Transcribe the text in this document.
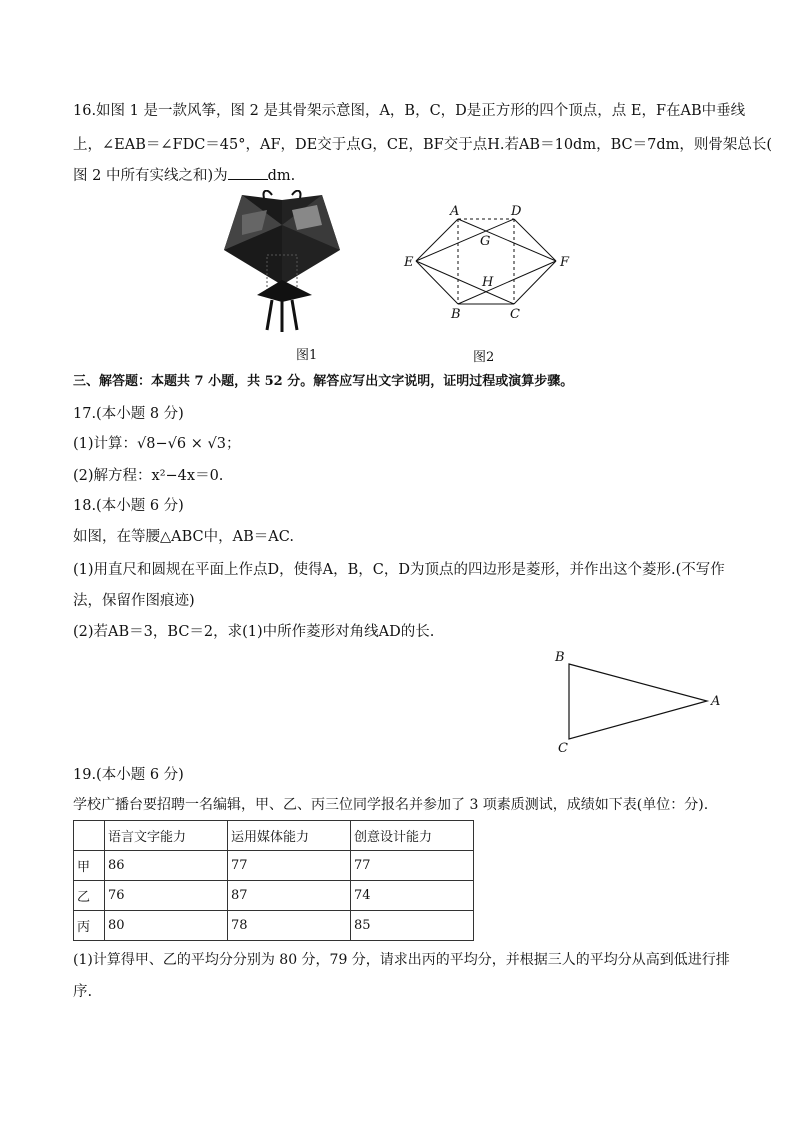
16.如图 1 是一款风筝，图 2 是其骨架示意图，A，B，C，D是正方形的四个顶点，点 E，F在AB中垂线
上，∠EAB＝∠FDC＝45°，AF，DE交于点G，CE，BF交于点H.若AB＝10dm，BC＝7dm，则骨架总长(
图 2 中所有实线之和)为	dm.
图1
A	D
G
E	F
H
B	C
图2
三、解答题：本题共 7 小题，共 52 分。解答应写出文字说明，证明过程或演算步骤。
17.(本小题 8 分)
(1)计算：√8−√6 × √3；
(2)解方程：x²−4x＝0.
18.(本小题 6 分)
如图，在等腰△ABC中，AB＝AC.
(1)用直尺和圆规在平面上作点D，使得A，B，C，D为顶点的四边形是菱形，并作出这个菱形.(不写作
法，保留作图痕迹)
(2)若AB＝3，BC＝2，求(1)中所作菱形对角线AD的长.
B
A
C
19.(本小题 6 分)
学校广播台要招聘一名编辑，甲、乙、丙三位同学报名并参加了 3 项素质测试，成绩如下表(单位：分).
	语言文字能力	运用媒体能力	创意设计能力
甲	86	77	77
乙	76	87	74
丙	80	78	85
(1)计算得甲、乙的平均分分别为 80 分，79 分，请求出丙的平均分，并根据三人的平均分从高到低进行排
序.
